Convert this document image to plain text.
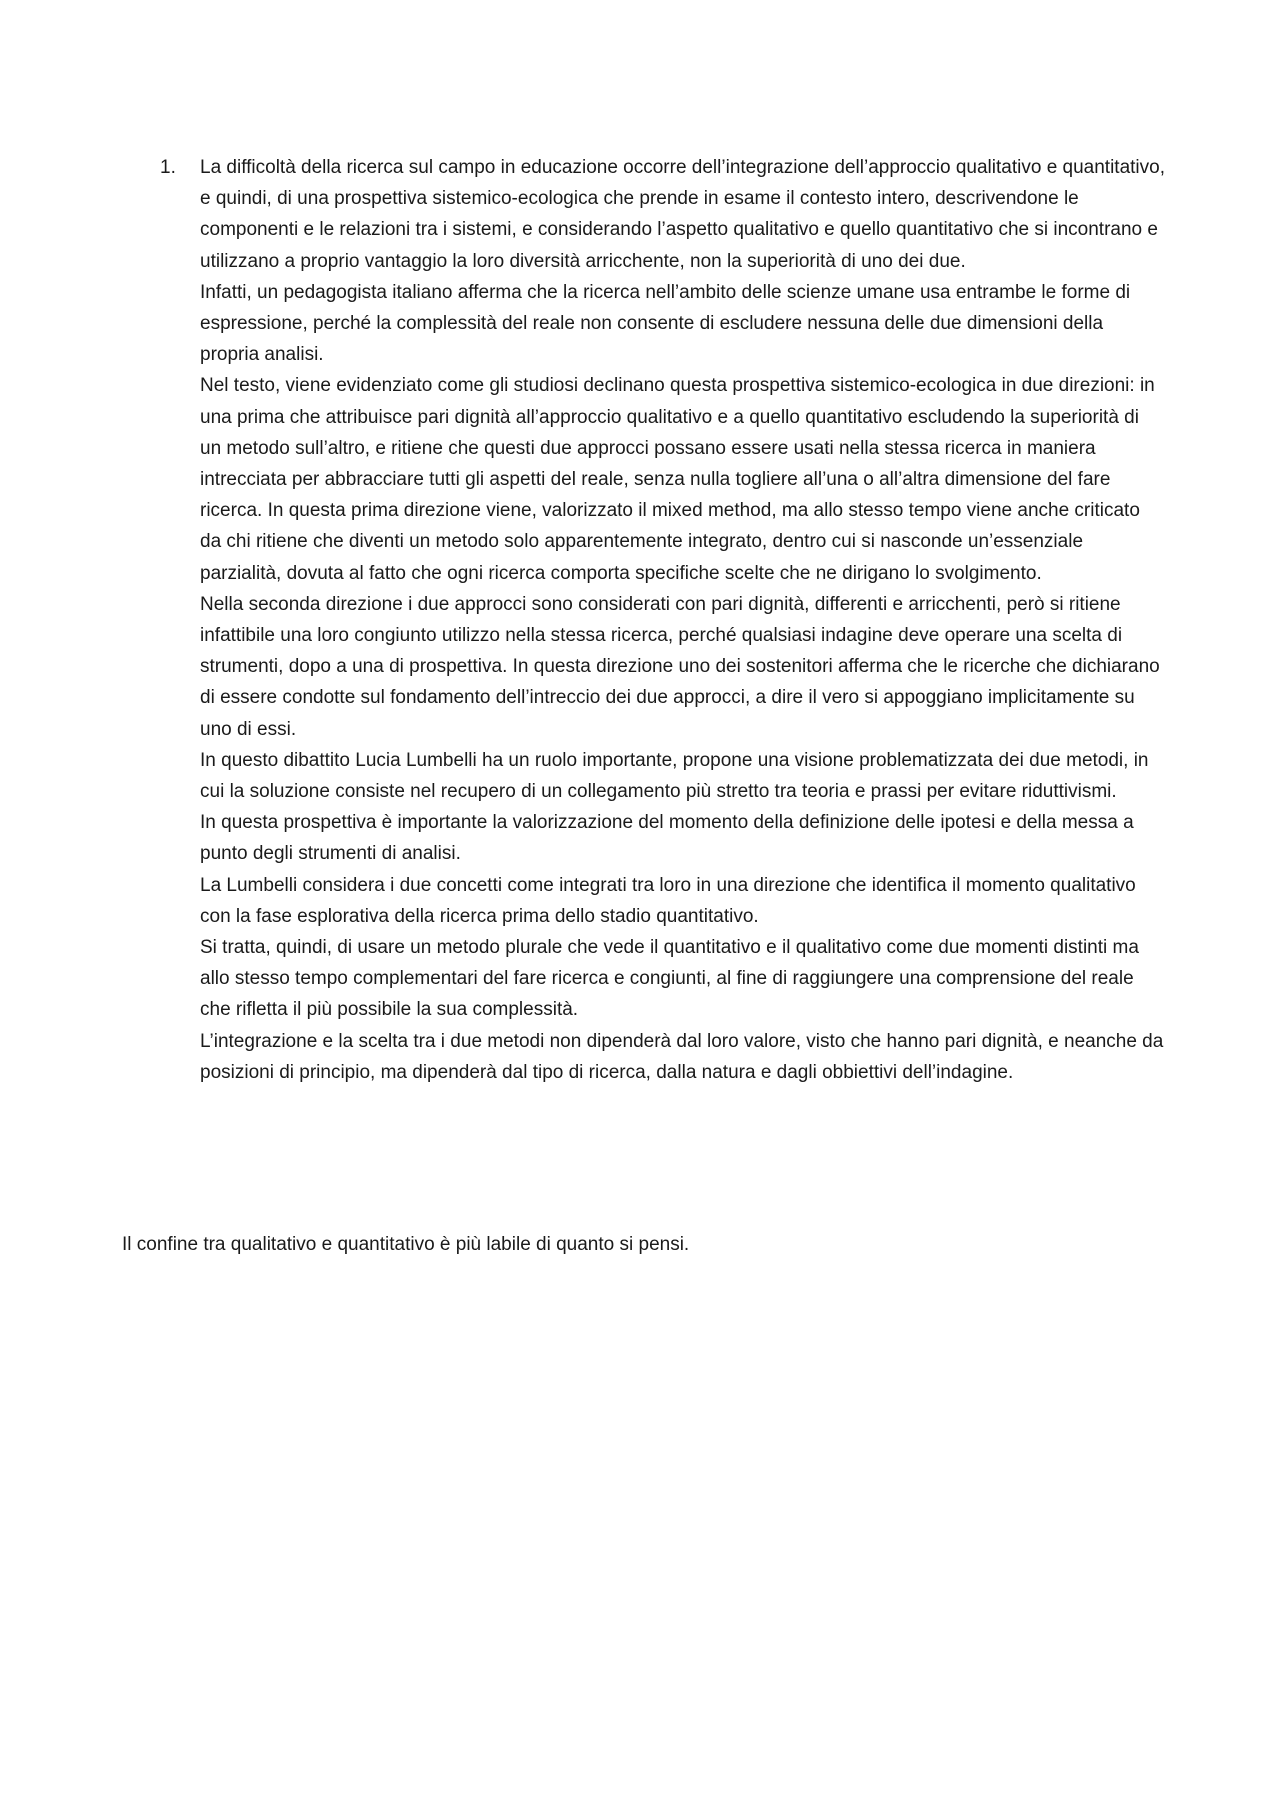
1.	La difficoltà della ricerca sul campo in educazione occorre dell’integrazione dell’approccio qualitativo e quantitativo, e quindi, di una prospettiva sistemico-ecologica che prende in esame il contesto intero, descrivendone le componenti e le relazioni tra i sistemi, e considerando l’aspetto qualitativo e quello quantitativo che si incontrano e utilizzano a proprio vantaggio la loro diversità arricchente, non la superiorità di uno dei due.

Infatti, un pedagogista italiano afferma che la ricerca nell’ambito delle scienze umane usa entrambe le forme di espressione, perché la complessità del reale non consente di escludere nessuna delle due dimensioni della propria analisi.

Nel testo, viene evidenziato come gli studiosi declinano questa prospettiva sistemico-ecologica in due direzioni: in una prima che attribuisce pari dignità all’approccio qualitativo e a quello quantitativo escludendo la superiorità di un metodo sull’altro, e ritiene che questi due approcci possano essere usati nella stessa ricerca in maniera intrecciata per abbracciare tutti gli aspetti del reale, senza nulla togliere all’una o all’altra dimensione del fare ricerca. In questa prima direzione viene, valorizzato il mixed method, ma allo stesso tempo viene anche criticato da chi ritiene che diventi un metodo solo apparentemente integrato, dentro cui si nasconde un’essenziale parzialità, dovuta al fatto che ogni ricerca comporta specifiche scelte che ne dirigano lo svolgimento.

Nella seconda direzione i due approcci sono considerati con pari dignità, differenti e arricchenti, però si ritiene infattibile una loro congiunto utilizzo nella stessa ricerca, perché qualsiasi indagine deve operare una scelta di strumenti, dopo a una di prospettiva. In questa direzione uno dei sostenitori afferma che le ricerche che dichiarano di essere condotte sul fondamento dell’intreccio dei due approcci, a dire il vero si appoggiano implicitamente su uno di essi.

In questo dibattito Lucia Lumbelli ha un ruolo importante, propone una visione problematizzata dei due metodi, in cui la soluzione consiste nel recupero di un collegamento più stretto tra teoria e prassi per evitare riduttivismi.

In questa prospettiva è importante la valorizzazione del momento della definizione delle ipotesi e della messa a punto degli strumenti di analisi.

La Lumbelli considera i due concetti come integrati tra loro in una direzione che identifica il momento qualitativo con la fase esplorativa della ricerca prima dello stadio quantitativo.

Si tratta, quindi, di usare un metodo plurale che vede il quantitativo e il qualitativo come due momenti distinti ma allo stesso tempo complementari del fare ricerca e congiunti, al fine di raggiungere una comprensione del reale che rifletta il più possibile la sua complessità.

L’integrazione e la scelta tra i due metodi non dipenderà dal loro valore, visto che hanno pari dignità, e neanche da posizioni di principio, ma dipenderà dal tipo di ricerca, dalla natura e dagli obbiettivi dell’indagine.

Il confine tra qualitativo e quantitativo è più labile di quanto si pensi.
